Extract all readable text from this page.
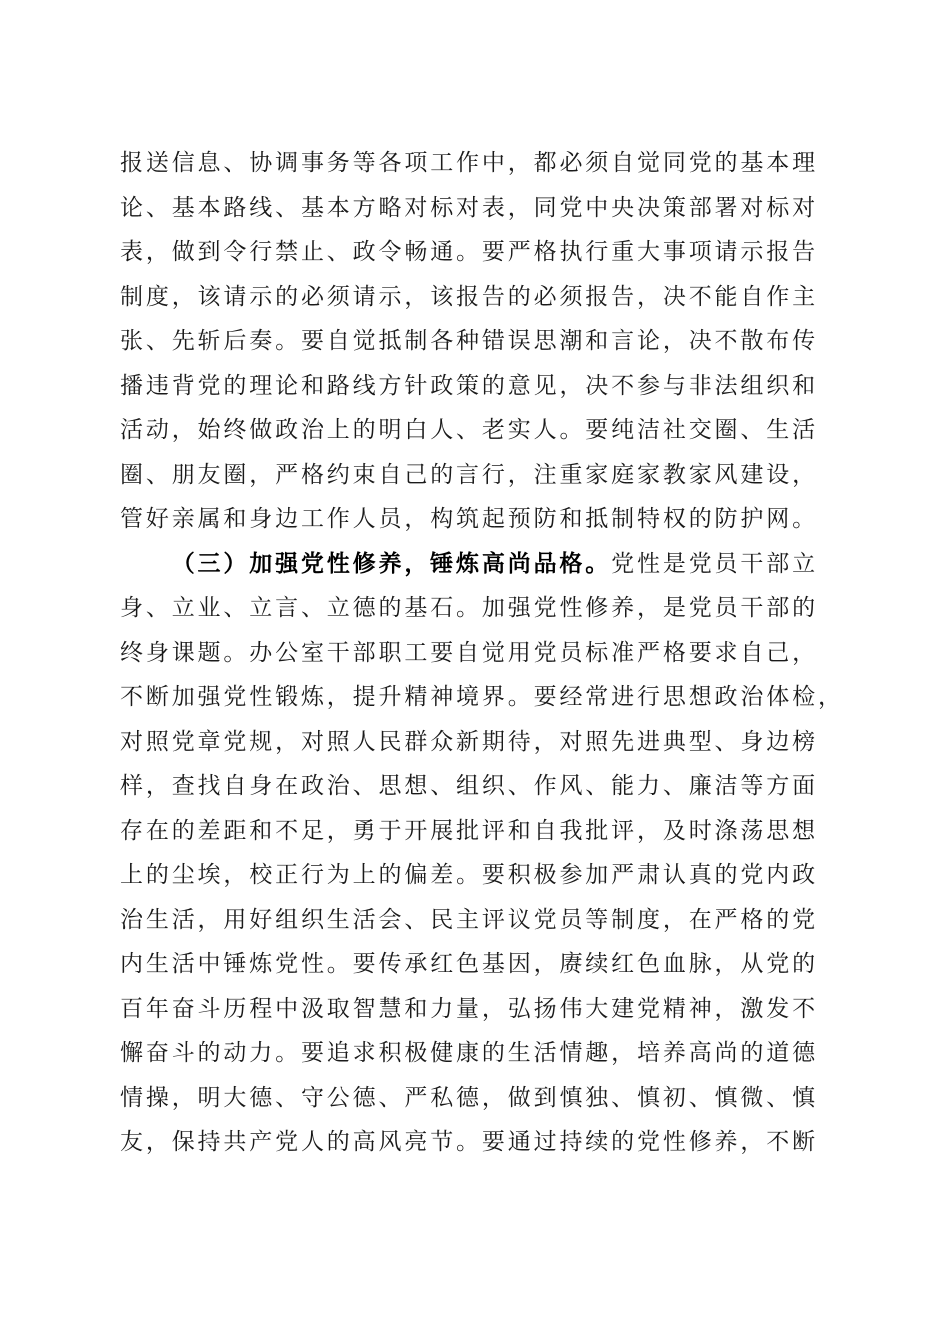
报送信息、协调事务等各项工作中，都必须自觉同党的基本理
论、基本路线、基本方略对标对表，同党中央决策部署对标对
表，做到令行禁止、政令畅通。要严格执行重大事项请示报告
制度，该请示的必须请示，该报告的必须报告，决不能自作主
张、先斩后奏。要自觉抵制各种错误思潮和言论，决不散布传
播违背党的理论和路线方针政策的意见，决不参与非法组织和
活动，始终做政治上的明白人、老实人。要纯洁社交圈、生活
圈、朋友圈，严格约束自己的言行，注重家庭家教家风建设，
管好亲属和身边工作人员，构筑起预防和抵制特权的防护网。
（三）加强党性修养，锤炼高尚品格。党性是党员干部立
身、立业、立言、立德的基石。加强党性修养，是党员干部的
终身课题。办公室干部职工要自觉用党员标准严格要求自己，
不断加强党性锻炼，提升精神境界。要经常进行思想政治体检，
对照党章党规，对照人民群众新期待，对照先进典型、身边榜
样，查找自身在政治、思想、组织、作风、能力、廉洁等方面
存在的差距和不足，勇于开展批评和自我批评，及时涤荡思想
上的尘埃，校正行为上的偏差。要积极参加严肃认真的党内政
治生活，用好组织生活会、民主评议党员等制度，在严格的党
内生活中锤炼党性。要传承红色基因，赓续红色血脉，从党的
百年奋斗历程中汲取智慧和力量，弘扬伟大建党精神，激发不
懈奋斗的动力。要追求积极健康的生活情趣，培养高尚的道德
情操，明大德、守公德、严私德，做到慎独、慎初、慎微、慎
友，保持共产党人的高风亮节。要通过持续的党性修养，不断
